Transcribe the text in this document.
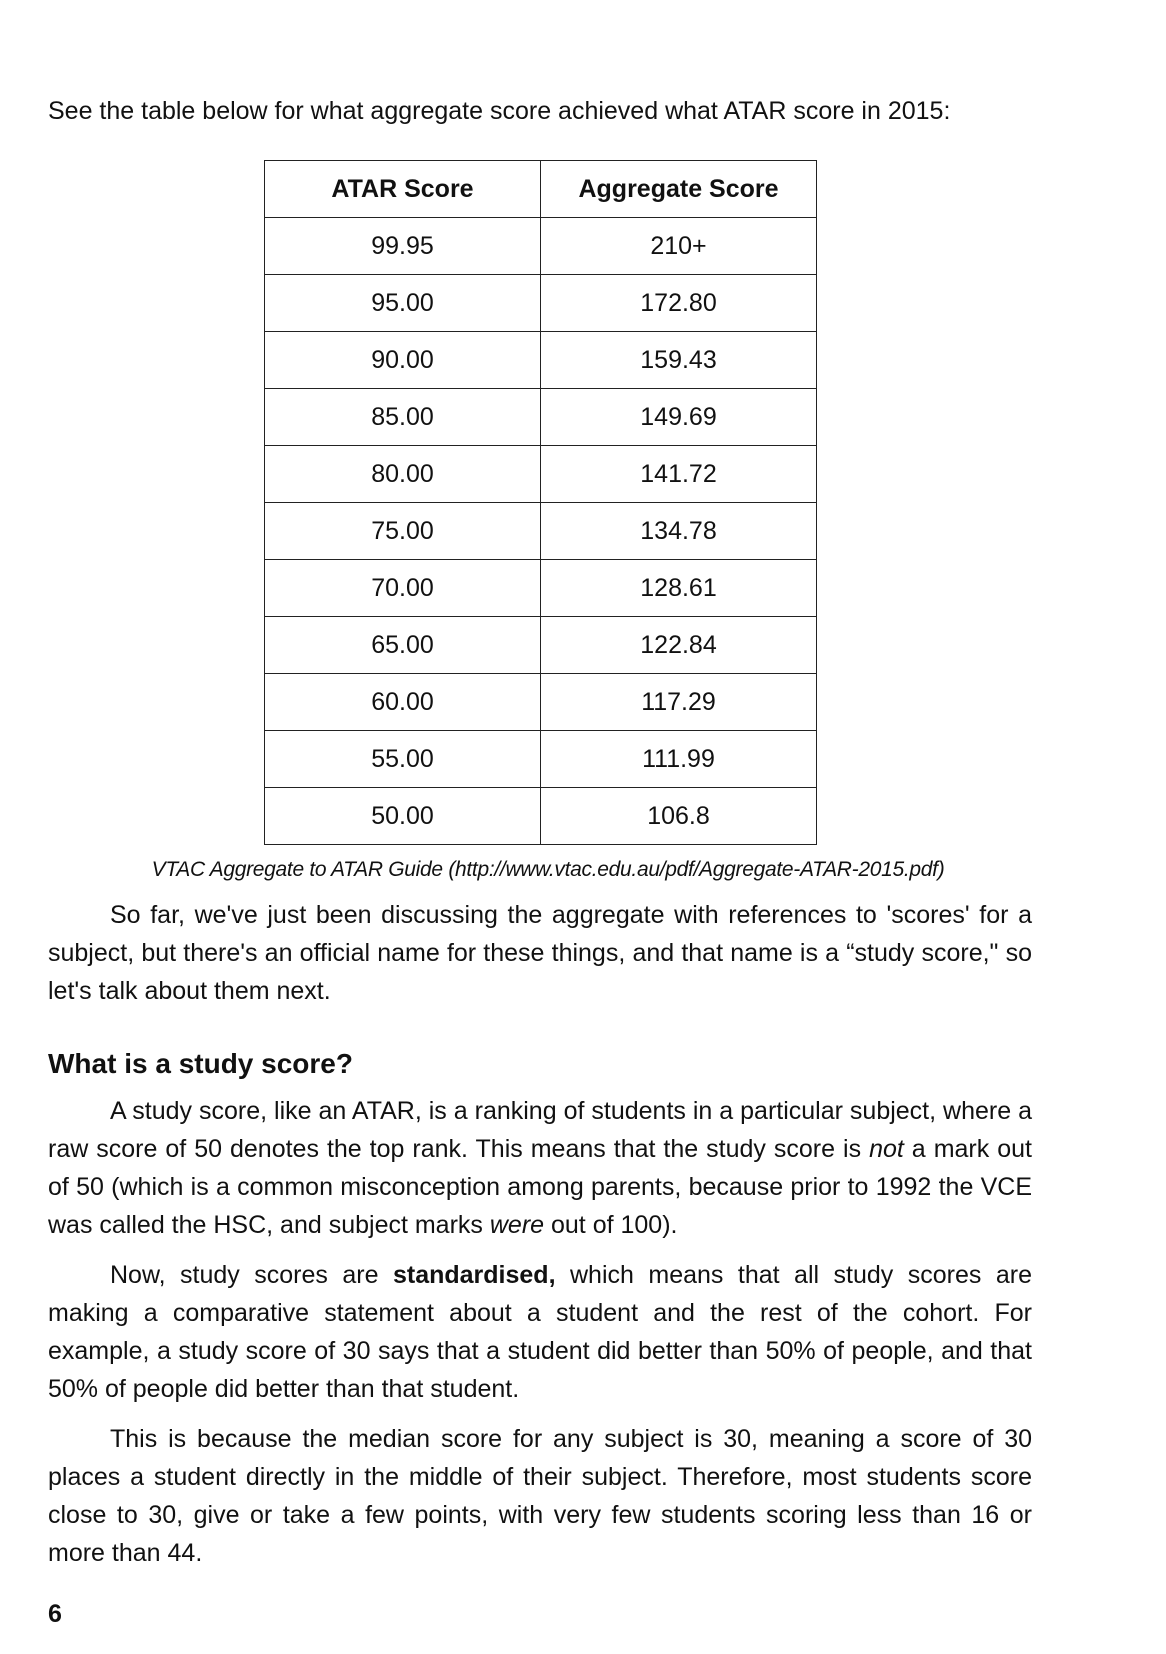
See the table below for what aggregate score achieved what ATAR score in 2015:

ATAR Score	Aggregate Score
99.95	210+
95.00	172.80
90.00	159.43
85.00	149.69
80.00	141.72
75.00	134.78
70.00	128.61
65.00	122.84
60.00	117.29
55.00	111.99
50.00	106.8

VTAC Aggregate to ATAR Guide (http://www.vtac.edu.au/pdf/Aggregate-ATAR-2015.pdf)

So far, we've just been discussing the aggregate with references to 'scores' for a subject, but there's an official name for these things, and that name is a “study score," so let's talk about them next.

What is a study score?

A study score, like an ATAR, is a ranking of students in a particular subject, where a raw score of 50 denotes the top rank. This means that the study score is not a mark out of 50 (which is a common misconception among parents, because prior to 1992 the VCE was called the HSC, and subject marks were out of 100).

Now, study scores are standardised, which means that all study scores are making a comparative statement about a student and the rest of the cohort. For example, a study score of 30 says that a student did better than 50% of people, and that 50% of people did better than that student.

This is because the median score for any subject is 30, meaning a score of 30 places a student directly in the middle of their subject. Therefore, most students score close to 30, give or take a few points, with very few students scoring less than 16 or more than 44.

6
